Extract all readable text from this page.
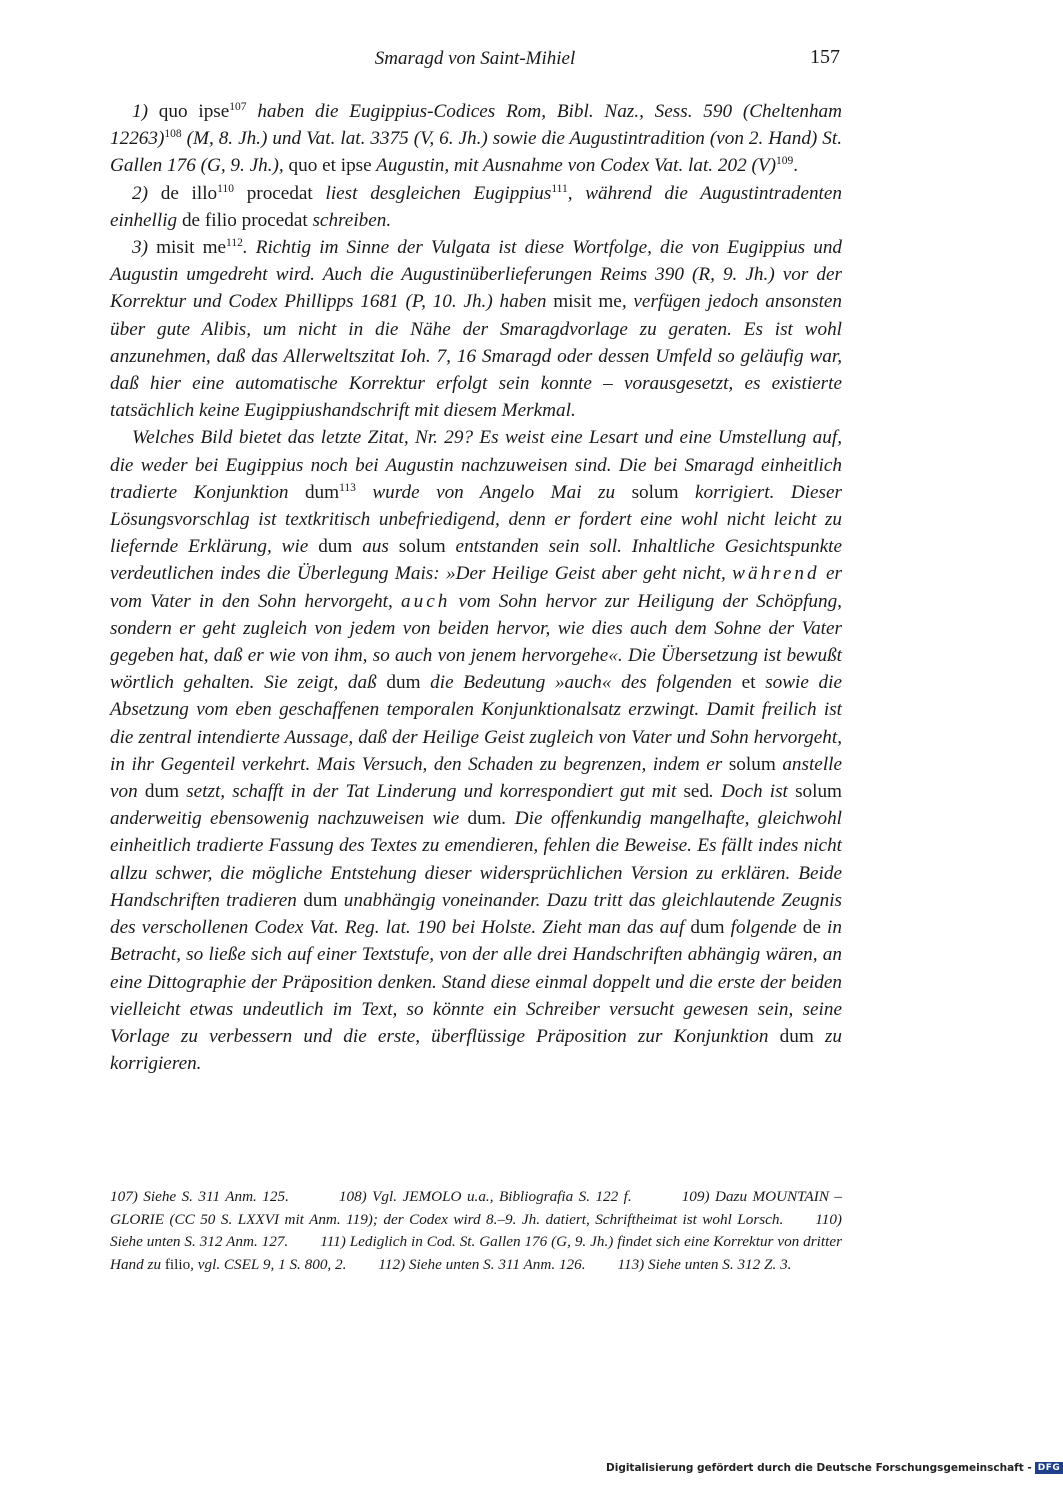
Smaragd von Saint-Mihiel	157

1) quo ipse$^{107}$ haben die Eugippius-Codices Rom, Bibl. Naz., Sess. 590 (Cheltenham 12263)$^{108}$ (M, 8. Jh.) und Vat. lat. 3375 (V, 6. Jh.) sowie die Augustintradition (von 2. Hand) St. Gallen 176 (G, 9. Jh.), quo et ipse Augustin, mit Ausnahme von Codex Vat. lat. 202 $(V)^{109}$.

2) de illo$^{110}$ procedat liest desgleichen Eugippius$^{111}$, während die Augustintradenten einhellig de filio procedat schreiben.

3) misit $me^{112}$. Richtig im Sinne der Vulgata ist diese Wortfolge, die von Eugippius und Augustin umgedreht wird. Auch die Augustinüberlieferungen Reims 390 (R, 9. Jh.) vor der Korrektur und Codex Phillipps 1681 (P, 10. Jh.) haben misit me, verfügen jedoch ansonsten über gute Alibis, um nicht in die Nähe der Smaragdvorlage zu geraten. Es ist wohl anzunehmen, daß das Allerweltszitat Ioh. 7, 16 Smaragd oder dessen Umfeld so geläufig war, daß hier eine automatische Korrektur erfolgt sein konnte – vorausgesetzt, es existierte tatsächlich keine Eugippiushandschrift mit diesem Merkmal.

Welches Bild bietet das letzte Zitat, Nr. 29? Es weist eine Lesart und eine Umstellung auf, die weder bei Eugippius noch bei Augustin nachzuweisen sind. Die bei Smaragd einheitlich tradierte Konjunktion dum$^{113}$ wurde von Angelo Mai zu solum korrigiert. Dieser Lösungsvorschlag ist textkritisch unbefriedigend, denn er fordert eine wohl nicht leicht zu liefernde Erklärung, wie dum aus solum entstanden sein soll. Inhaltliche Gesichtspunkte verdeutlichen indes die Überlegung Mais: »Der Heilige Geist aber geht nicht, während er vom Vater in den Sohn hervorgeht, auch vom Sohn hervor zur Heiligung der Schöpfung, sondern er geht zugleich von jedem von beiden hervor, wie dies auch dem Sohne der Vater gegeben hat, daß er wie von ihm, so auch von jenem hervorgehe«. Die Übersetzung ist bewußt wörtlich gehalten. Sie zeigt, daß dum die Bedeutung »auch« des folgenden et sowie die Absetzung vom eben geschaffenen temporalen Konjunktionalsatz erzwingt. Damit freilich ist die zentral intendierte Aussage, daß der Heilige Geist zugleich von Vater und Sohn hervorgeht, in ihr Gegenteil verkehrt. Mais Versuch, den Schaden zu begrenzen, indem er solum anstelle von dum setzt, schafft in der Tat Linderung und korrespondiert gut mit sed. Doch ist solum anderweitig ebensowenig nachzuweisen wie dum. Die offenkundig mangelhafte, gleichwohl einheitlich tradierte Fassung des Textes zu emendieren, fehlen die Beweise. Es fällt indes nicht allzu schwer, die mögliche Entstehung dieser widersprüchlichen Version zu erklären. Beide Handschriften tradieren dum unabhängig voneinander. Dazu tritt das gleichlautende Zeugnis des verschollenen Codex Vat. Reg. lat. 190 bei Holste. Zieht man das auf dum folgende de in Betracht, so ließe sich auf einer Textstufe, von der alle drei Handschriften abhängig wären, an eine Dittographie der Präposition denken. Stand diese einmal doppelt und die erste der beiden vielleicht etwas undeutlich im Text, so könnte ein Schreiber versucht gewesen sein, seine Vorlage zu verbessern und die erste, überflüssige Präposition zur Konjunktion dum zu korrigieren.

107) Siehe S. 311 Anm. 125.	108) Vgl. JEMOLO u.a., Bibliografia S. 122 f.	109) Dazu MOUNTAIN – GLORIE (CC 50 S. LXXVI mit Anm. 119); der Codex wird 8.–9. Jh. datiert, Schriftheimat ist wohl Lorsch. 110) Siehe unten S. 312 Anm. 127. 111) Lediglich in Cod. St. Gallen 176 (G, 9. Jh.) findet sich eine Korrektur von dritter Hand zu filio, vgl. CSEL 9, 1 S. 800, 2. 112) Siehe unten S. 311 Anm. 126. 113) Siehe unten S. 312 Z. 3.
Digitalisierung gefördert durch die Deutsche Forschungsgemeinschaft - DFG
